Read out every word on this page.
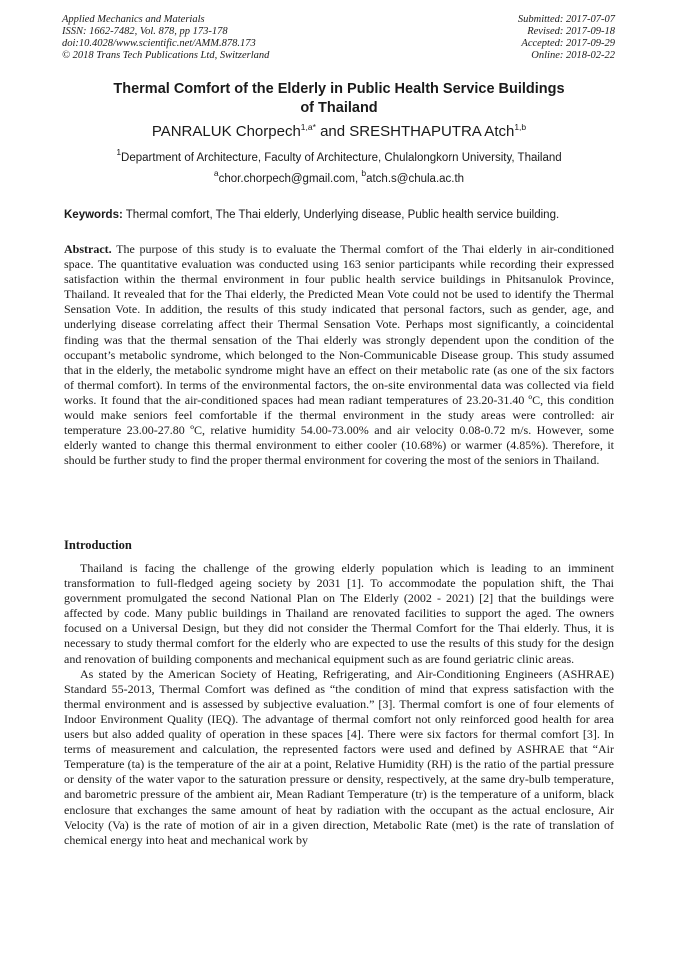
Applied Mechanics and Materials
ISSN: 1662-7482, Vol. 878, pp 173-178
doi:10.4028/www.scientific.net/AMM.878.173
© 2018 Trans Tech Publications Ltd, Switzerland
Submitted: 2017-07-07
Revised: 2017-09-18
Accepted: 2017-09-29
Online: 2018-02-22
Thermal Comfort of the Elderly in Public Health Service Buildings
of Thailand
PANRALUK Chorpech$^{1,a*}$ and SRESHTHAPUTRA Atch$^{1,b}$
$^1$Department of Architecture, Faculty of Architecture, Chulalongkorn University, Thailand
$^a$chor.chorpech@gmail.com, $^b$atch.s@chula.ac.th
Keywords: Thermal comfort, The Thai elderly, Underlying disease, Public health service building.
Abstract. The purpose of this study is to evaluate the Thermal comfort of the Thai elderly in air-conditioned space. The quantitative evaluation was conducted using 163 senior participants while recording their expressed satisfaction within the thermal environment in four public health service buildings in Phitsanulok Province, Thailand. It revealed that for the Thai elderly, the Predicted Mean Vote could not be used to identify the Thermal Sensation Vote. In addition, the results of this study indicated that personal factors, such as gender, age, and underlying disease correlating affect their Thermal Sensation Vote. Perhaps most significantly, a coincidental finding was that the thermal sensation of the Thai elderly was strongly dependent upon the condition of the occupant’s metabolic syndrome, which belonged to the Non-Communicable Disease group. This study assumed that in the elderly, the metabolic syndrome might have an effect on their metabolic rate (as one of the six factors of thermal comfort). In terms of the environmental factors, the on-site environmental data was collected via field works. It found that the air-conditioned spaces had mean radiant temperatures of 23.20-31.40 ºC, this condition would make seniors feel comfortable if the thermal environment in the study areas were controlled: air temperature 23.00-27.80 ºC, relative humidity 54.00-73.00% and air velocity 0.08-0.72 m/s. However, some elderly wanted to change this thermal environment to either cooler (10.68%) or warmer (4.85%). Therefore, it should be further study to find the proper thermal environment for covering the most of the seniors in Thailand.
Introduction

Thailand is facing the challenge of the growing elderly population which is leading to an imminent transformation to full-fledged ageing society by 2031 [1]. To accommodate the population shift, the Thai government promulgated the second National Plan on The Elderly (2002 - 2021) [2] that the buildings were affected by code. Many public buildings in Thailand are renovated facilities to support the aged. The owners focused on a Universal Design, but they did not consider the Thermal Comfort for the Thai elderly. Thus, it is necessary to study thermal comfort for the elderly who are expected to use the results of this study for the design and renovation of building components and mechanical equipment such as are found geriatric clinic areas.

As stated by the American Society of Heating, Refrigerating, and Air-Conditioning Engineers (ASHRAE) Standard 55-2013, Thermal Comfort was defined as “the condition of mind that express satisfaction with the thermal environment and is assessed by subjective evaluation.” [3]. Thermal comfort is one of four elements of Indoor Environment Quality (IEQ). The advantage of thermal comfort not only reinforced good health for area users but also added quality of operation in these spaces [4]. There were six factors for thermal comfort [3]. In terms of measurement and calculation, the represented factors were used and defined by ASHRAE that “Air Temperature (ta) is the temperature of the air at a point, Relative Humidity (RH) is the ratio of the partial pressure or density of the water vapor to the saturation pressure or density, respectively, at the same dry-bulb temperature, and barometric pressure of the ambient air, Mean Radiant Temperature (tr) is the temperature of a uniform, black enclosure that exchanges the same amount of heat by radiation with the occupant as the actual enclosure, Air Velocity (Va) is the rate of motion of air in a given direction, Metabolic Rate (met) is the rate of translation of chemical energy into heat and mechanical work by
